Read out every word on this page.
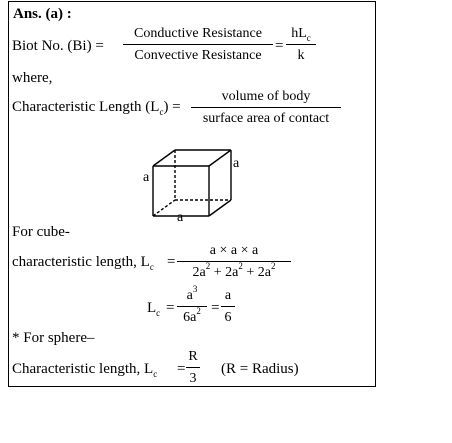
Ans. (a) :
Biot No. (Bi) =
Conductive Resistance
Convective Resistance
=
$hL_c$
k
where,
Characteristic Length $(L_c)$ =
volume of body
surface area of contact
a
a
a
For cube-
characteristic length, $L_c$ =
a × a × a
$2a^2 + 2a^2 + 2a^2$
$L_c$ =
$a^3$
$6a^2$ =
a
6
* For sphere–
Characteristic length, $L_c$ =
R
3
(R = Radius)
